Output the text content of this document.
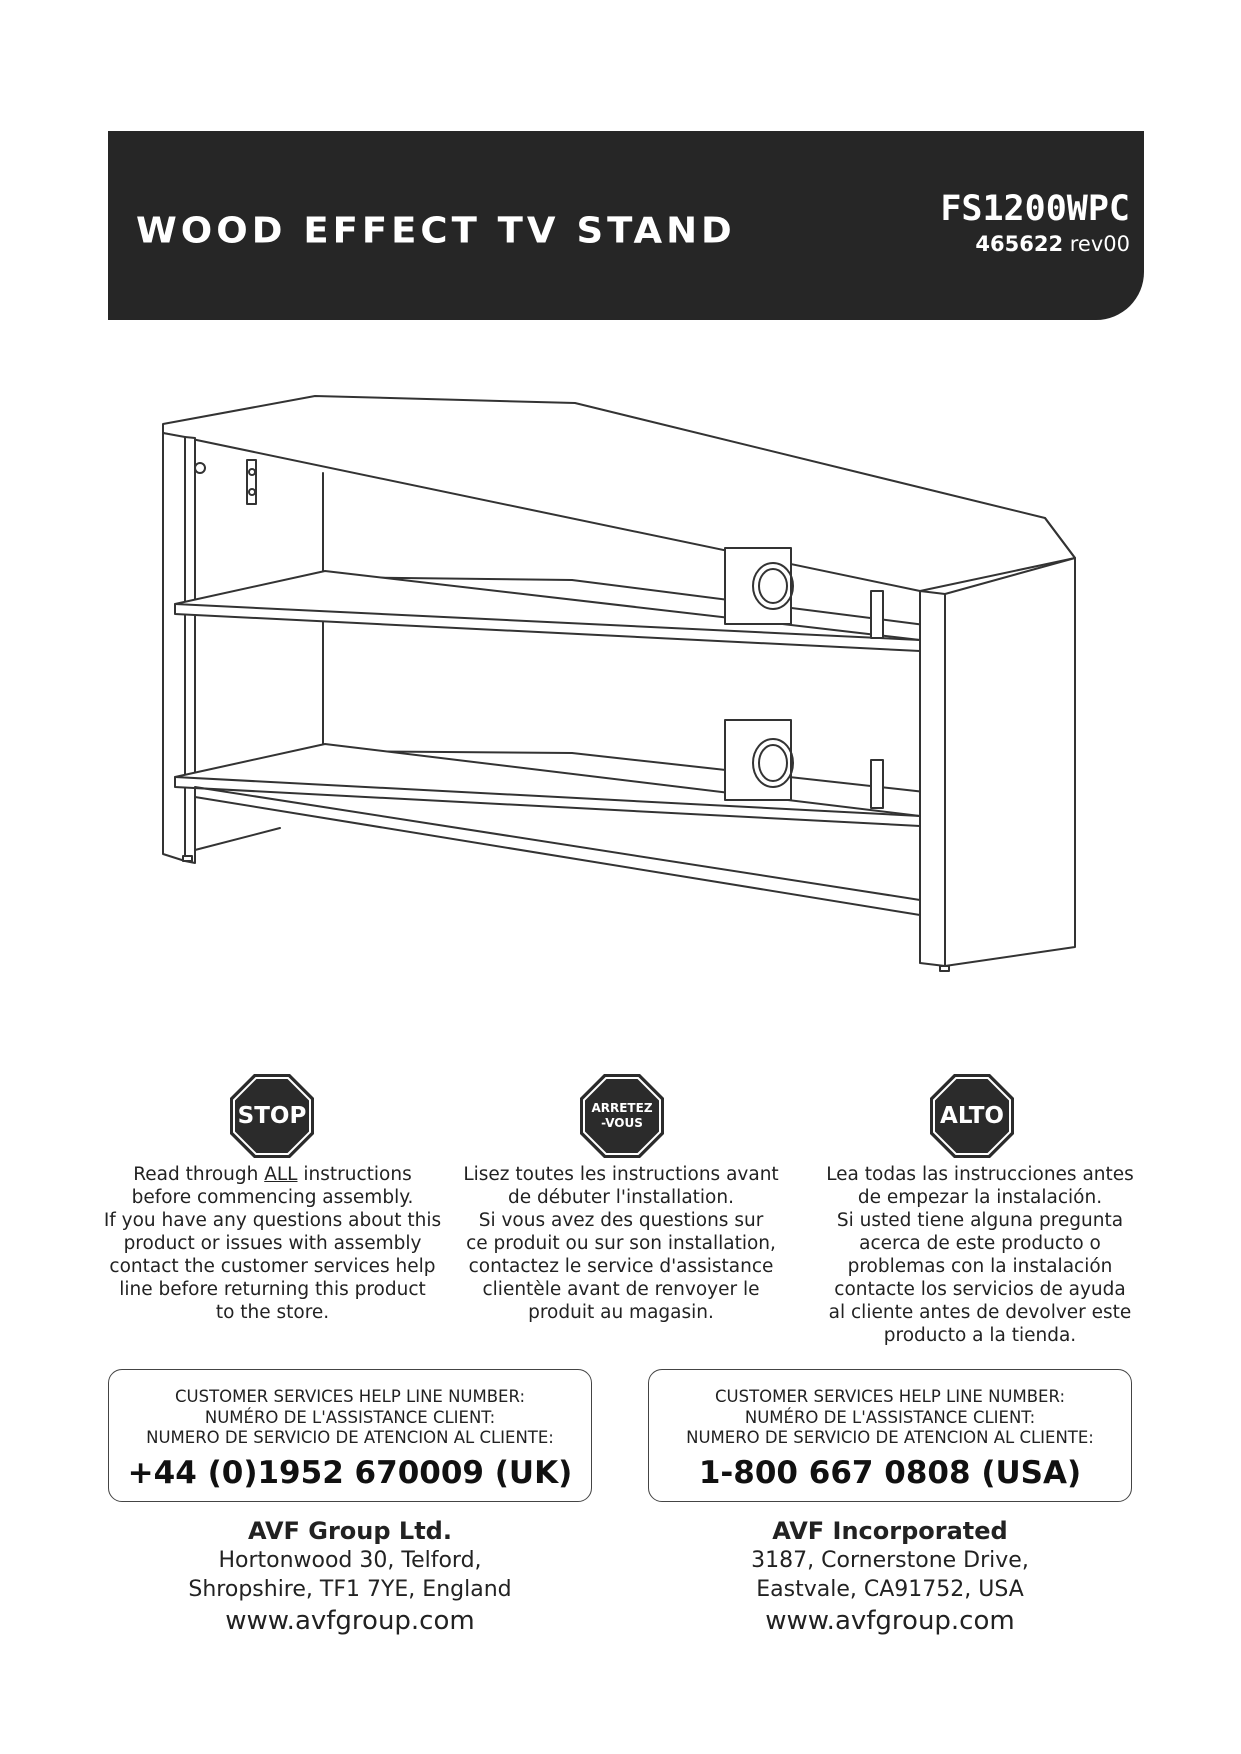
WOOD EFFECT TV STAND
FS1200WPC
465622 rev00
STOP	ARRETEZ
-VOUS	ALTO
Read through ALL instructions
before commencing assembly.
If you have any questions about this
product or issues with assembly
contact the customer services help
line before returning this product
to the store.
Lisez toutes les instructions avant
de débuter l'installation.
Si vous avez des questions sur
ce produit ou sur son installation,
contactez le service d'assistance
clientèle avant de renvoyer le
produit au magasin.
Lea todas las instrucciones antes
de empezar la instalación.
Si usted tiene alguna pregunta
acerca de este producto o
problemas con la instalación
contacte los servicios de ayuda
al cliente antes de devolver este
producto a la tienda.
CUSTOMER SERVICES HELP LINE NUMBER:
NUMÉRO DE L'ASSISTANCE CLIENT:
NUMERO DE SERVICIO DE ATENCION AL CLIENTE:
+44 (0)1952 670009 (UK)
CUSTOMER SERVICES HELP LINE NUMBER:
NUMÉRO DE L'ASSISTANCE CLIENT:
NUMERO DE SERVICIO DE ATENCION AL CLIENTE:
1-800 667 0808 (USA)
AVF Group Ltd.
Hortonwood 30, Telford,
Shropshire, TF1 7YE, England
www.avfgroup.com
AVF Incorporated
3187, Cornerstone Drive,
Eastvale, CA91752, USA
www.avfgroup.com
